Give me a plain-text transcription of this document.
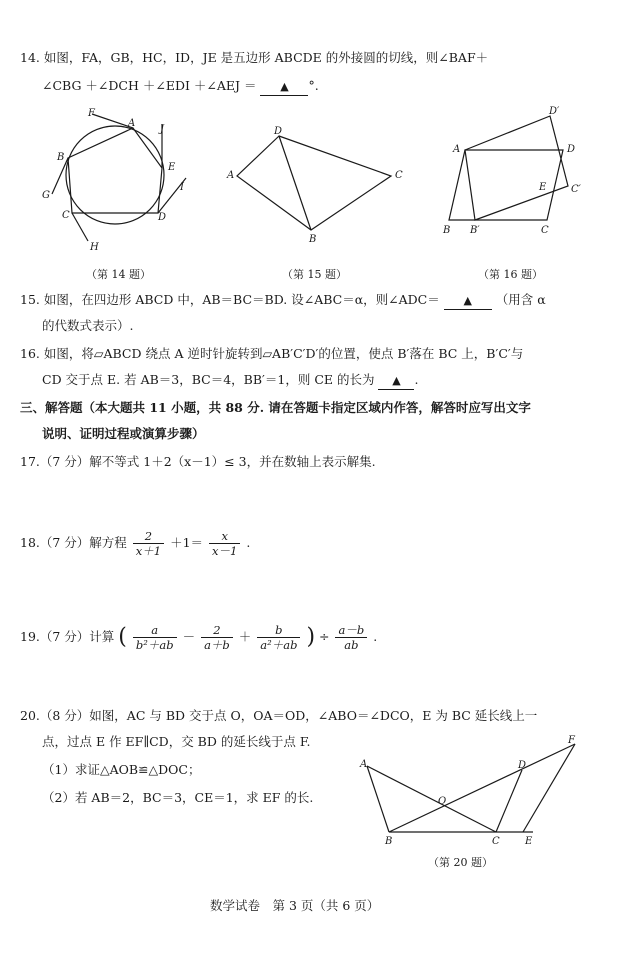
14. 如图，FA，GB，HC，ID，JE 是五边形 ABCDE 的外接圆的切线，则∠BAF＋
∠CBG ＋∠DCH ＋∠EDI ＋∠AEJ ＝ ▲ °.
F
A
J
B
E
G
I
C	D
H
D
A	C
B
D′
A	D
E C′
B B′	C
（第 14 题）	（第 15 题）	（第 16 题）
15. 如图，在四边形 ABCD 中，AB＝BC＝BD. 设∠ABC＝α，则∠ADC＝ ▲ （用含 α
的代数式表示）.
16. 如图，将▱ABCD 绕点 A 逆时针旋转到▱AB′C′D′的位置，使点 B′落在 BC 上，B′C′与
CD 交于点 E. 若 AB＝3，BC＝4，BB′＝1，则 CE 的长为 ▲ .
三、解答题（本大题共 11 小题，共 88 分. 请在答题卡指定区域内作答，解答时应写出文字
说明、证明过程或演算步骤）
17.（7 分）解不等式 1＋2（x－1）≤ 3，并在数轴上表示解集.
18.（7 分）解方程 $\frac{2}{x+1} +1= \frac{x}{x-1}$ .
19.（7 分）计算 ( $\frac{a}{\text{b²＋ab}} - \frac{2}{a+b} + \frac{b}{\text{a²＋ab}}$ ) ÷ $\frac{a-b}{ab}$ .
20.（8 分）如图，AC 与 BD 交于点 O，OA＝OD，∠ABO＝∠DCO，E 为 BC 延长线上一
点，过点 E 作 EF∥CD，交 BD 的延长线于点 F.
（1）求证△AOB≌△DOC；
（2）若 AB＝2，BC＝3，CE＝1，求 EF 的长.
F
A	D
O
B	C	E
（第 20 题）
数学试卷　第 3 页（共 6 页）
